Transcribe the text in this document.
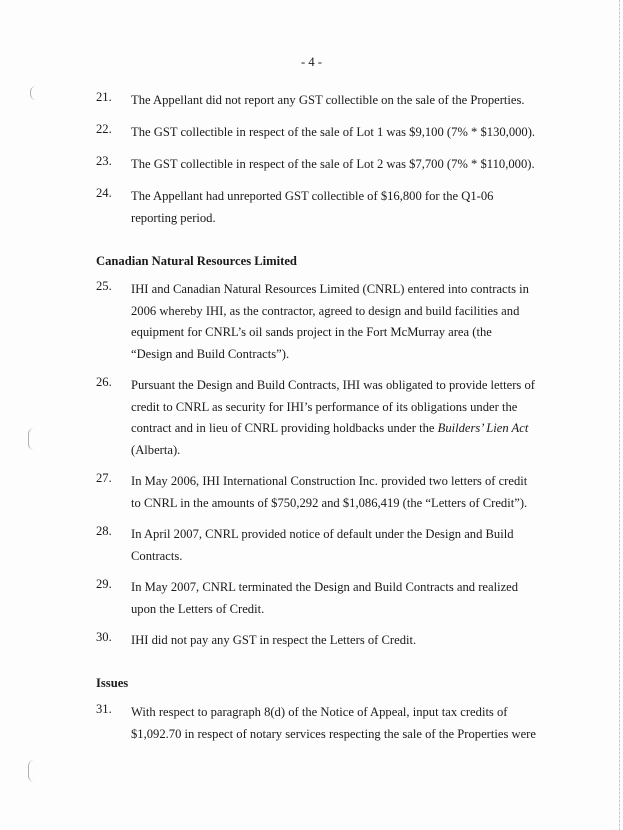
- 4 -
21.	The Appellant did not report any GST collectible on the sale of the Properties.
22.	The GST collectible in respect of the sale of Lot 1 was $9,100 (7% * $130,000).
23.	The GST collectible in respect of the sale of Lot 2 was $7,700 (7% * $110,000).
24.	The Appellant had unreported GST collectible of $16,800 for the Q1-06 reporting period.
Canadian Natural Resources Limited
25.	IHI and Canadian Natural Resources Limited (CNRL) entered into contracts in 2006 whereby IHI, as the contractor, agreed to design and build facilities and equipment for CNRL’s oil sands project in the Fort McMurray area (the “Design and Build Contracts”).
26.	Pursuant the Design and Build Contracts, IHI was obligated to provide letters of credit to CNRL as security for IHI’s performance of its obligations under the contract and in lieu of CNRL providing holdbacks under the Builders’ Lien Act (Alberta).
27.	In May 2006, IHI International Construction Inc. provided two letters of credit to CNRL in the amounts of $750,292 and $1,086,419 (the “Letters of Credit”).
28.	In April 2007, CNRL provided notice of default under the Design and Build Contracts.
29.	In May 2007, CNRL terminated the Design and Build Contracts and realized upon the Letters of Credit.
30.	IHI did not pay any GST in respect the Letters of Credit.
Issues
31.	With respect to paragraph 8(d) of the Notice of Appeal, input tax credits of $1,092.70 in respect of notary services respecting the sale of the Properties were
